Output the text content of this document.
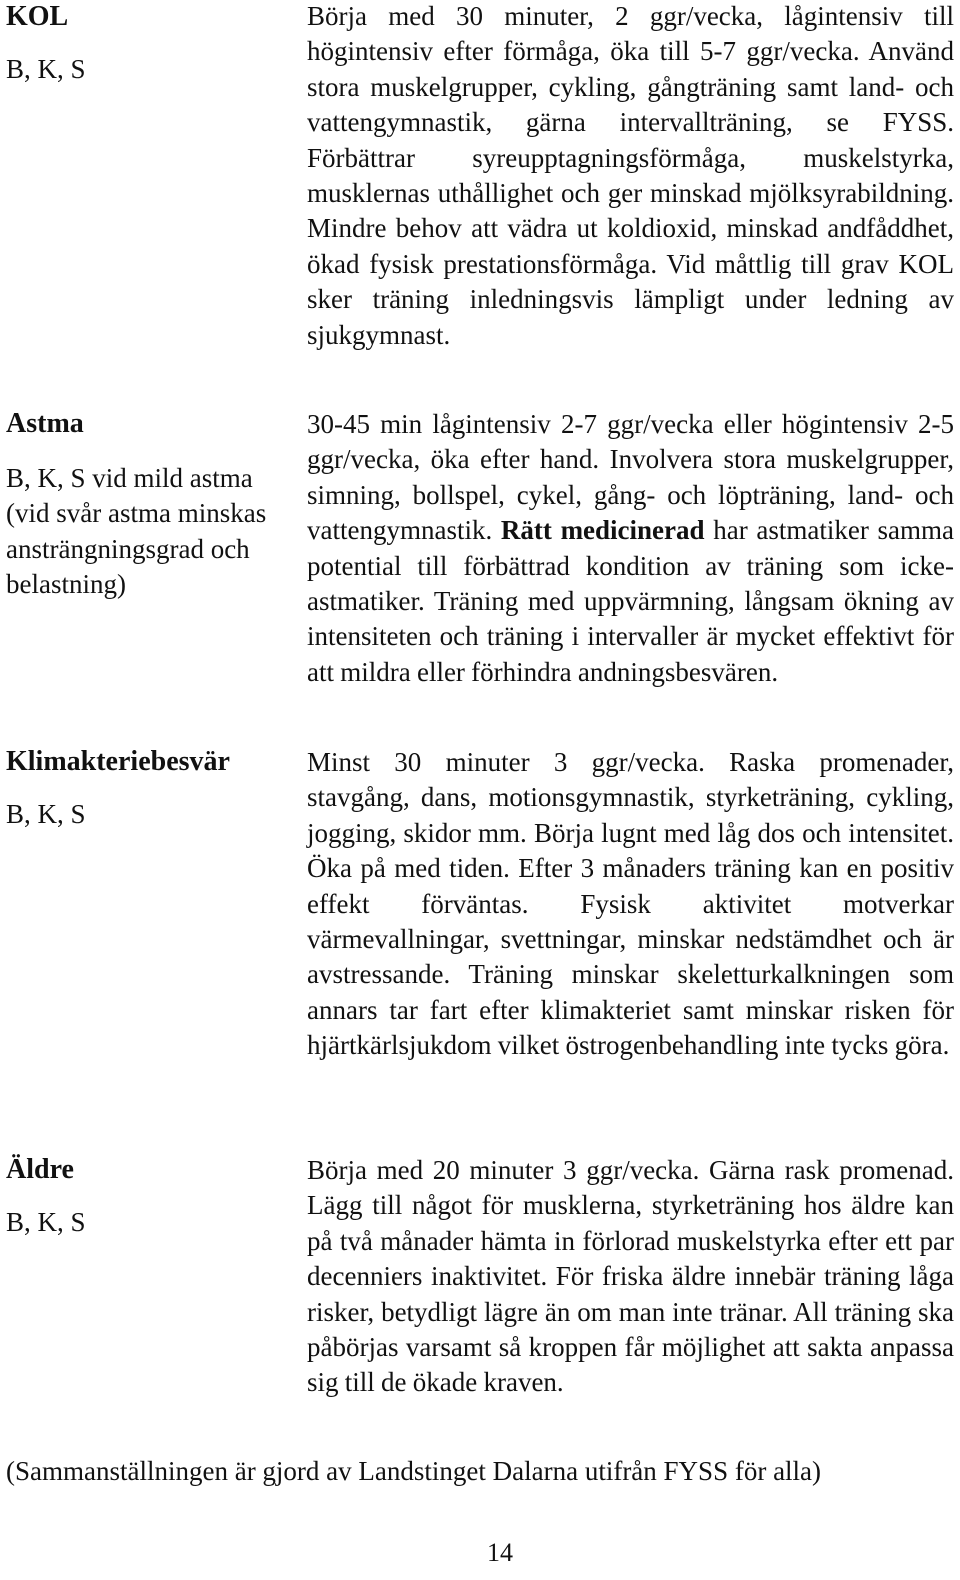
KOL

B, K, S

Börja med 30 minuter, 2 ggr/vecka, lågintensiv till högintensiv efter förmåga, öka till 5-7 ggr/vecka. Använd stora muskelgrupper, cykling, gångträning samt land- och vattengymnastik, gärna intervallträning, se FYSS. Förbättrar syreupptagningsförmåga, muskelstyrka, musklernas uthållighet och ger minskad mjölksyrabildning. Mindre behov att vädra ut koldioxid, minskad andfåddhet, ökad fysisk prestationsförmåga. Vid måttlig till grav KOL sker träning inledningsvis lämpligt under ledning av sjukgymnast.

Astma

B, K, S vid mild astma (vid svår astma minskas ansträngningsgrad och belastning)

30-45 min lågintensiv 2-7 ggr/vecka eller högintensiv 2-5 ggr/vecka, öka efter hand. Involvera stora muskelgrupper, simning, bollspel, cykel, gång- och löpträning, land- och vattengymnastik. Rätt medicinerad har astmatiker samma potential till förbättrad kondition av träning som icke-astmatiker. Träning med uppvärmning, långsam ökning av intensiteten och träning i intervaller är mycket effektivt för att mildra eller förhindra andningsbesvären.

Klimakteriebesvär

B, K, S

Minst 30 minuter 3 ggr/vecka. Raska promenader, stavgång, dans, motionsgymnastik, styrketräning, cykling, jogging, skidor mm. Börja lugnt med låg dos och intensitet. Öka på med tiden. Efter 3 månaders träning kan en positiv effekt förväntas. Fysisk aktivitet motverkar värmevallningar, svettningar, minskar nedstämdhet och är avstressande. Träning minskar skeletturkalkningen som annars tar fart efter klimakteriet samt minskar risken för hjärtkärlsjukdom vilket östrogenbehandling inte tycks göra.

Äldre

B, K, S

Börja med 20 minuter 3 ggr/vecka. Gärna rask promenad. Lägg till något för musklerna, styrketräning hos äldre kan på två månader hämta in förlorad muskelstyrka efter ett par decenniers inaktivitet. För friska äldre innebär träning låga risker, betydligt lägre än om man inte tränar. All träning ska påbörjas varsamt så kroppen får möjlighet att sakta anpassa sig till de ökade kraven.

(Sammanställningen är gjord av Landstinget Dalarna utifrån FYSS för alla)

14
